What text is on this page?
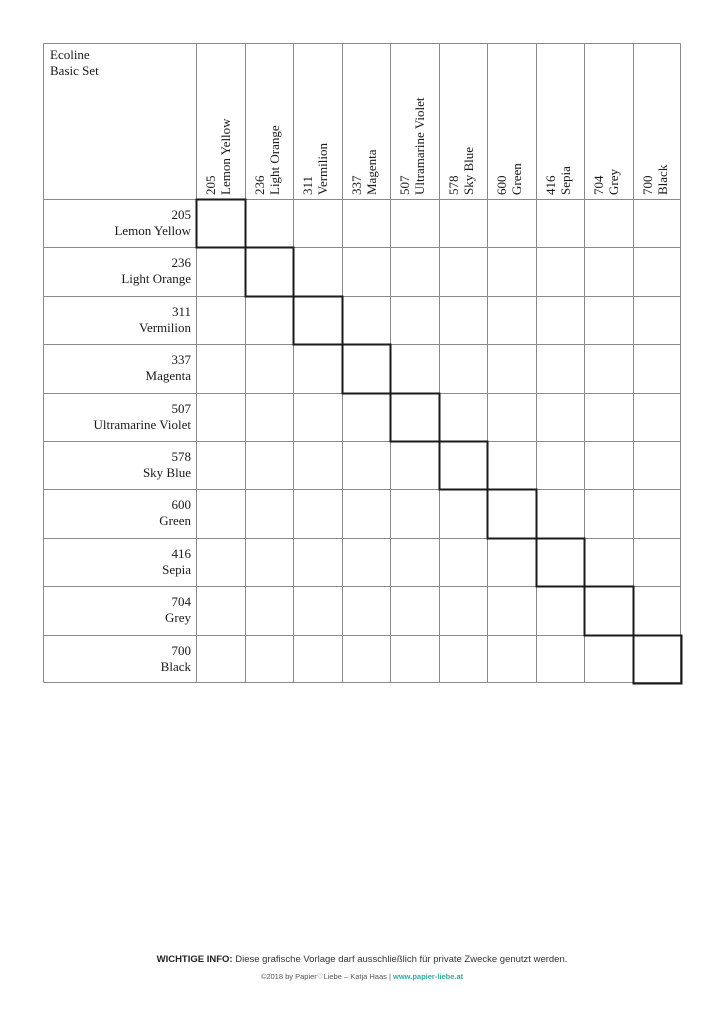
Ecoline
Basic Set
205 Lemon Yellow 236 Light Orange 311 Vermilion 337 Magenta 507 Ultramarine Violet 578 Sky Blue 600 Green 416 Sepia 704 Grey 700 Black
205
Lemon Yellow
236
Light Orange
311
Vermilion
337
Magenta
507
Ultramarine Violet
578
Sky Blue
600
Green
416
Sepia
704
Grey
700
Black
WICHTIGE INFO: Diese grafische Vorlage darf ausschließlich für private Zwecke genutzt werden.
©2018 by Papier♡Liebe – Katja Haas | www.papier-liebe.at
